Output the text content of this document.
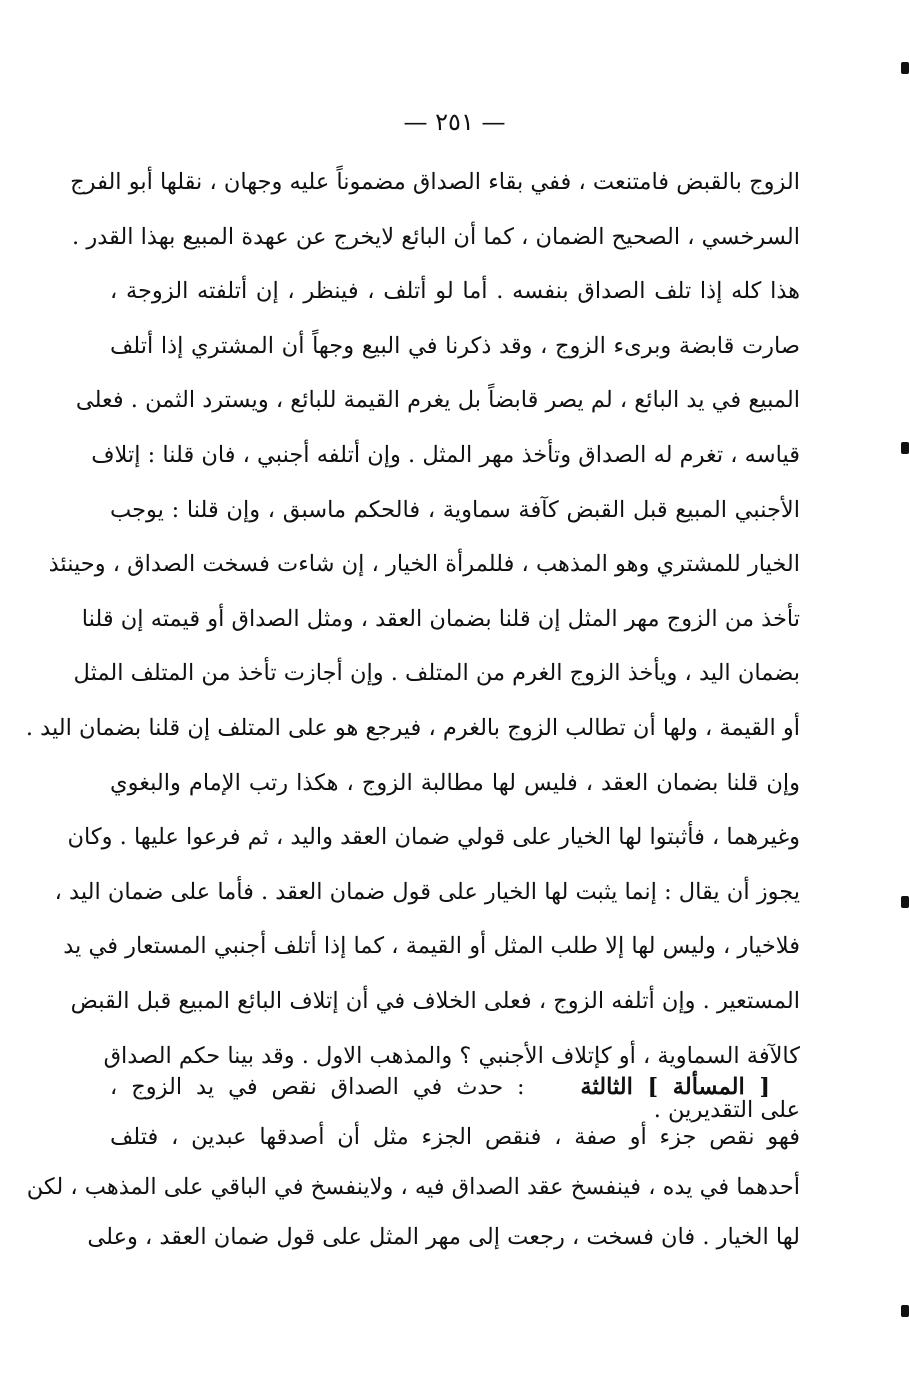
— ٢٥١ —
الزوج بالقبض فامتنعت ، ففي بقاء الصداق مضموناً عليه وجهان ، نقلها أبو الفرج
السرخسي ، الصحيح الضمان ، كما أن البائع لايخرج عن عهدة المبيع بهذا القدر .
هذا كله إذا تلف الصداق بنفسه . أما لو أتلف ، فينظر ، إن أتلفته الزوجة ،
صارت قابضة وبرىء الزوج ، وقد ذكرنا في البيع وجهاً أن المشتري إذا أتلف
المبيع في يد البائع ، لم يصر قابضاً بل يغرم القيمة للبائع ، ويسترد الثمن . فعلى
قياسه ، تغرم له الصداق وتأخذ مهر المثل . وإن أتلفه أجنبي ، فان قلنا : إتلاف
الأجنبي المبيع قبل القبض كآفة سماوية ، فالحكم ماسبق ، وإن قلنا : يوجب
الخيار للمشتري وهو المذهب ، فللمرأة الخيار ، إن شاءت فسخت الصداق ، وحينئذ
تأخذ من الزوج مهر المثل إن قلنا بضمان العقد ، ومثل الصداق أو قيمته إن قلنا
بضمان اليد ، ويأخذ الزوج الغرم من المتلف . وإن أجازت تأخذ من المتلف المثل
أو القيمة ، ولها أن تطالب الزوج بالغرم ، فيرجع هو على المتلف إن قلنا بضمان اليد .
وإن قلنا بضمان العقد ، فليس لها مطالبة الزوج ، هكذا رتب الإمام والبغوي
وغيرهما ، فأثبتوا لها الخيار على قولي ضمان العقد واليد ، ثم فرعوا عليها . وكان
يجوز أن يقال : إنما يثبت لها الخيار على قول ضمان العقد . فأما على ضمان اليد ،
فلاخيار ، وليس لها إلا طلب المثل أو القيمة ، كما إذا أتلف أجنبي المستعار في يد
المستعير . وإن أتلفه الزوج ، فعلى الخلاف في أن إتلاف البائع المبيع قبل القبض
كالآفة السماوية ، أو كإتلاف الأجنبي ؟ والمذهب الاول . وقد بينا حكم الصداق
على التقديرين .
[ المسألة ] الثالثة    : حدث في الصداق نقص في يد الزوج ،
فهو نقص جزء أو صفة ، فنقص الجزء مثل أن أصدقها عبدين ، فتلف
أحدهما في يده ، فينفسخ عقد الصداق فيه ، ولاينفسخ في الباقي على المذهب ، لكن
لها الخيار . فان فسخت ، رجعت إلى مهر المثل على قول ضمان العقد ، وعلى
